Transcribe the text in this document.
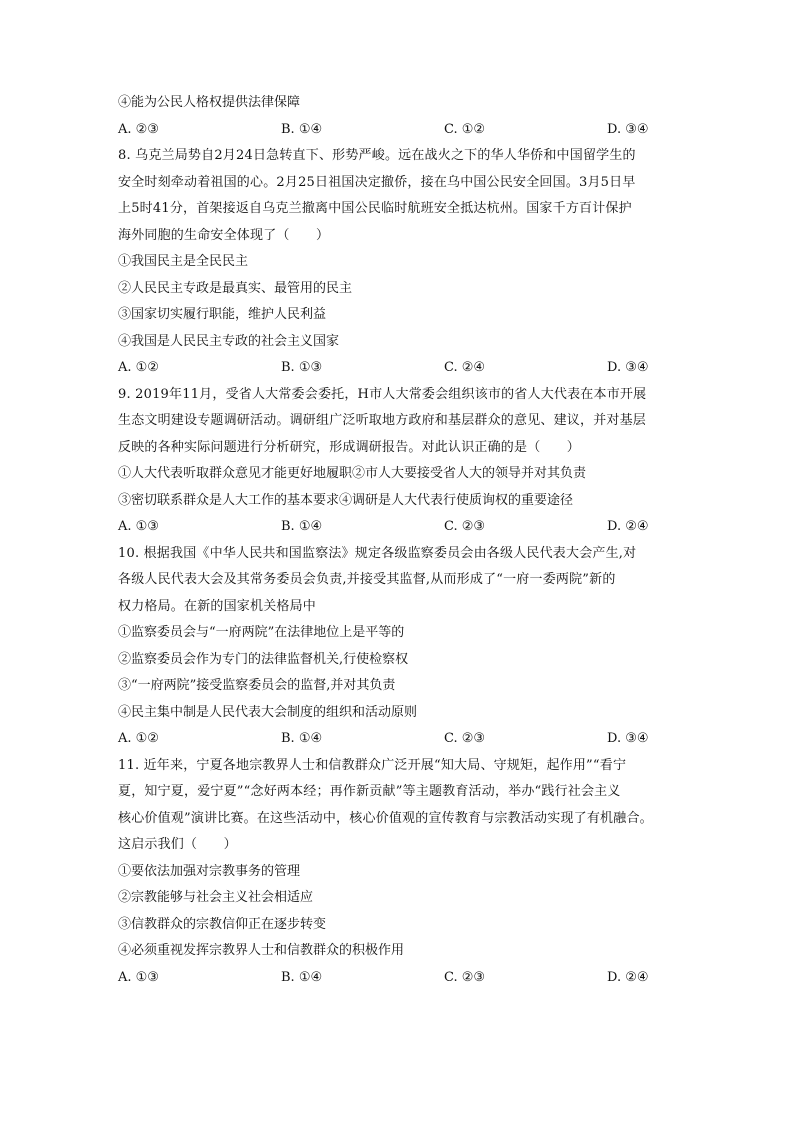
④能为公民人格权提供法律保障
A. ②③	B. ①④	C. ①②	D. ③④
8. 乌克兰局势自2月24日急转直下、形势严峻。远在战火之下的华人华侨和中国留学生的
安全时刻牵动着祖国的心。2月25日祖国决定撤侨，接在乌中国公民安全回国。3月5日早
上5时41分，首架接返自乌克兰撤离中国公民临时航班安全抵达杭州。国家千方百计保护
海外同胞的生命安全体现了（　　）
①我国民主是全民民主
②人民民主专政是最真实、最管用的民主
③国家切实履行职能，维护人民利益
④我国是人民民主专政的社会主义国家
A. ①②	B. ①③	C. ②④	D. ③④
9. 2019年11月，受省人大常委会委托，H市人大常委会组织该市的省人大代表在本市开展
生态文明建设专题调研活动。调研组广泛听取地方政府和基层群众的意见、建议，并对基层
反映的各种实际问题进行分析研究，形成调研报告。对此认识正确的是（　　）
①人大代表听取群众意见才能更好地履职②市人大要接受省人大的领导并对其负责
③密切联系群众是人大工作的基本要求④调研是人大代表行使质询权的重要途径
A. ①③	B. ①④	C. ②③	D. ②④
10. 根据我国《中华人民共和国监察法》规定各级监察委员会由各级人民代表大会产生,对
各级人民代表大会及其常务委员会负责,并接受其监督,从而形成了“一府一委两院”新的
权力格局。在新的国家机关格局中
①监察委员会与“一府两院”在法律地位上是平等的
②监察委员会作为专门的法律监督机关,行使检察权
③“一府两院”接受监察委员会的监督,并对其负责
④民主集中制是人民代表大会制度的组织和活动原则
A. ①②	B. ①④	C. ②③	D. ③④
11. 近年来，宁夏各地宗教界人士和信教群众广泛开展“知大局、守规矩，起作用”“看宁
夏，知宁夏，爱宁夏”“念好两本经；再作新贡献”等主题教育活动，举办“践行社会主义
核心价值观”演讲比赛。在这些活动中，核心价值观的宣传教育与宗教活动实现了有机融合。
这启示我们（　　）
①要依法加强对宗教事务的管理
②宗教能够与社会主义社会相适应
③信教群众的宗教信仰正在逐步转变
④必须重视发挥宗教界人士和信教群众的积极作用
A. ①③	B. ①④	C. ②③	D. ②④
